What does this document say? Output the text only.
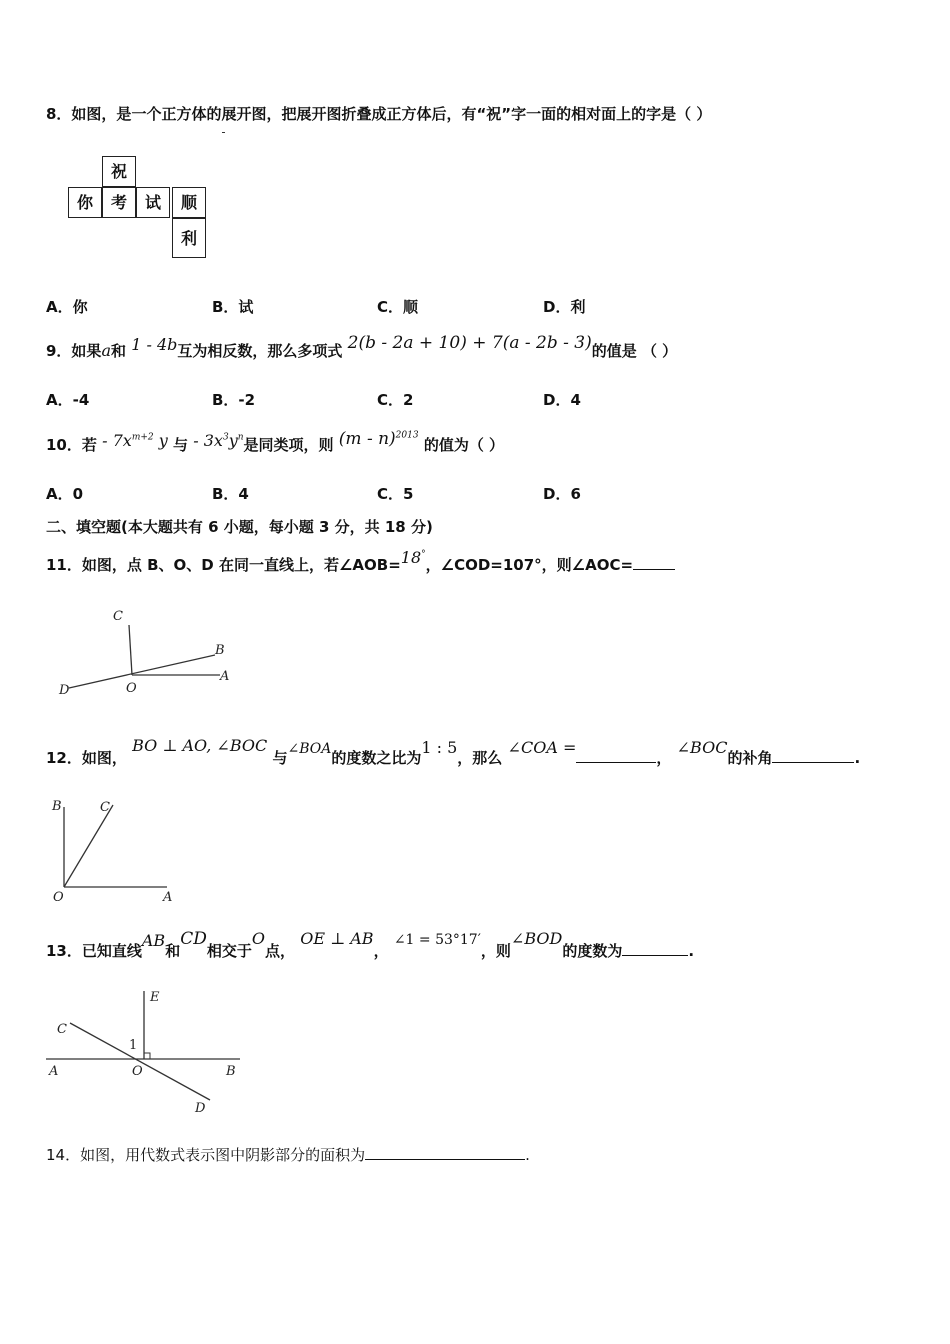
8．如图，是一个正方体的展开图，把展开图折叠成正方体后，有“祝”字一面的相对面上的字是（ ）
祝
你	考	试	顺
利
A．你	B．试	C．顺	D．利
9．如果a和 1 - 4b互为相反数，那么多项式 2(b - 2a + 10) + 7(a - 2b - 3)的值是 （ ）
A．-4	B．-2	C．2	D．4
10．若 - $7x^{m+2}$ y 与 - $3x^3y^n$是同类项，则 (m - n)$^{2013}$ 的值为（ ）
A．0	B．4	C．5	D．6
二、填空题(本大题共有 6 小题，每小题 3 分，共 18 分)
11．如图，点 B、O、D 在同一直线上，若∠AOB=18°，∠COD=107°，则∠AOC=
C
B
A
O
D
12．如图， BO ⊥ AO, ∠BOC 与∠BOA的度数之比为1 : 5，那么 ∠COA =， ∠BOC的补角	.
B	C
O	A
13．已知直线AB和CD相交于O点， OE ⊥ AB， ∠1 = 53°17′，则∠BOD的度数为	.
E
C
1
A	O	B
D
14．如图，用代数式表示图中阴影部分的面积为	.
